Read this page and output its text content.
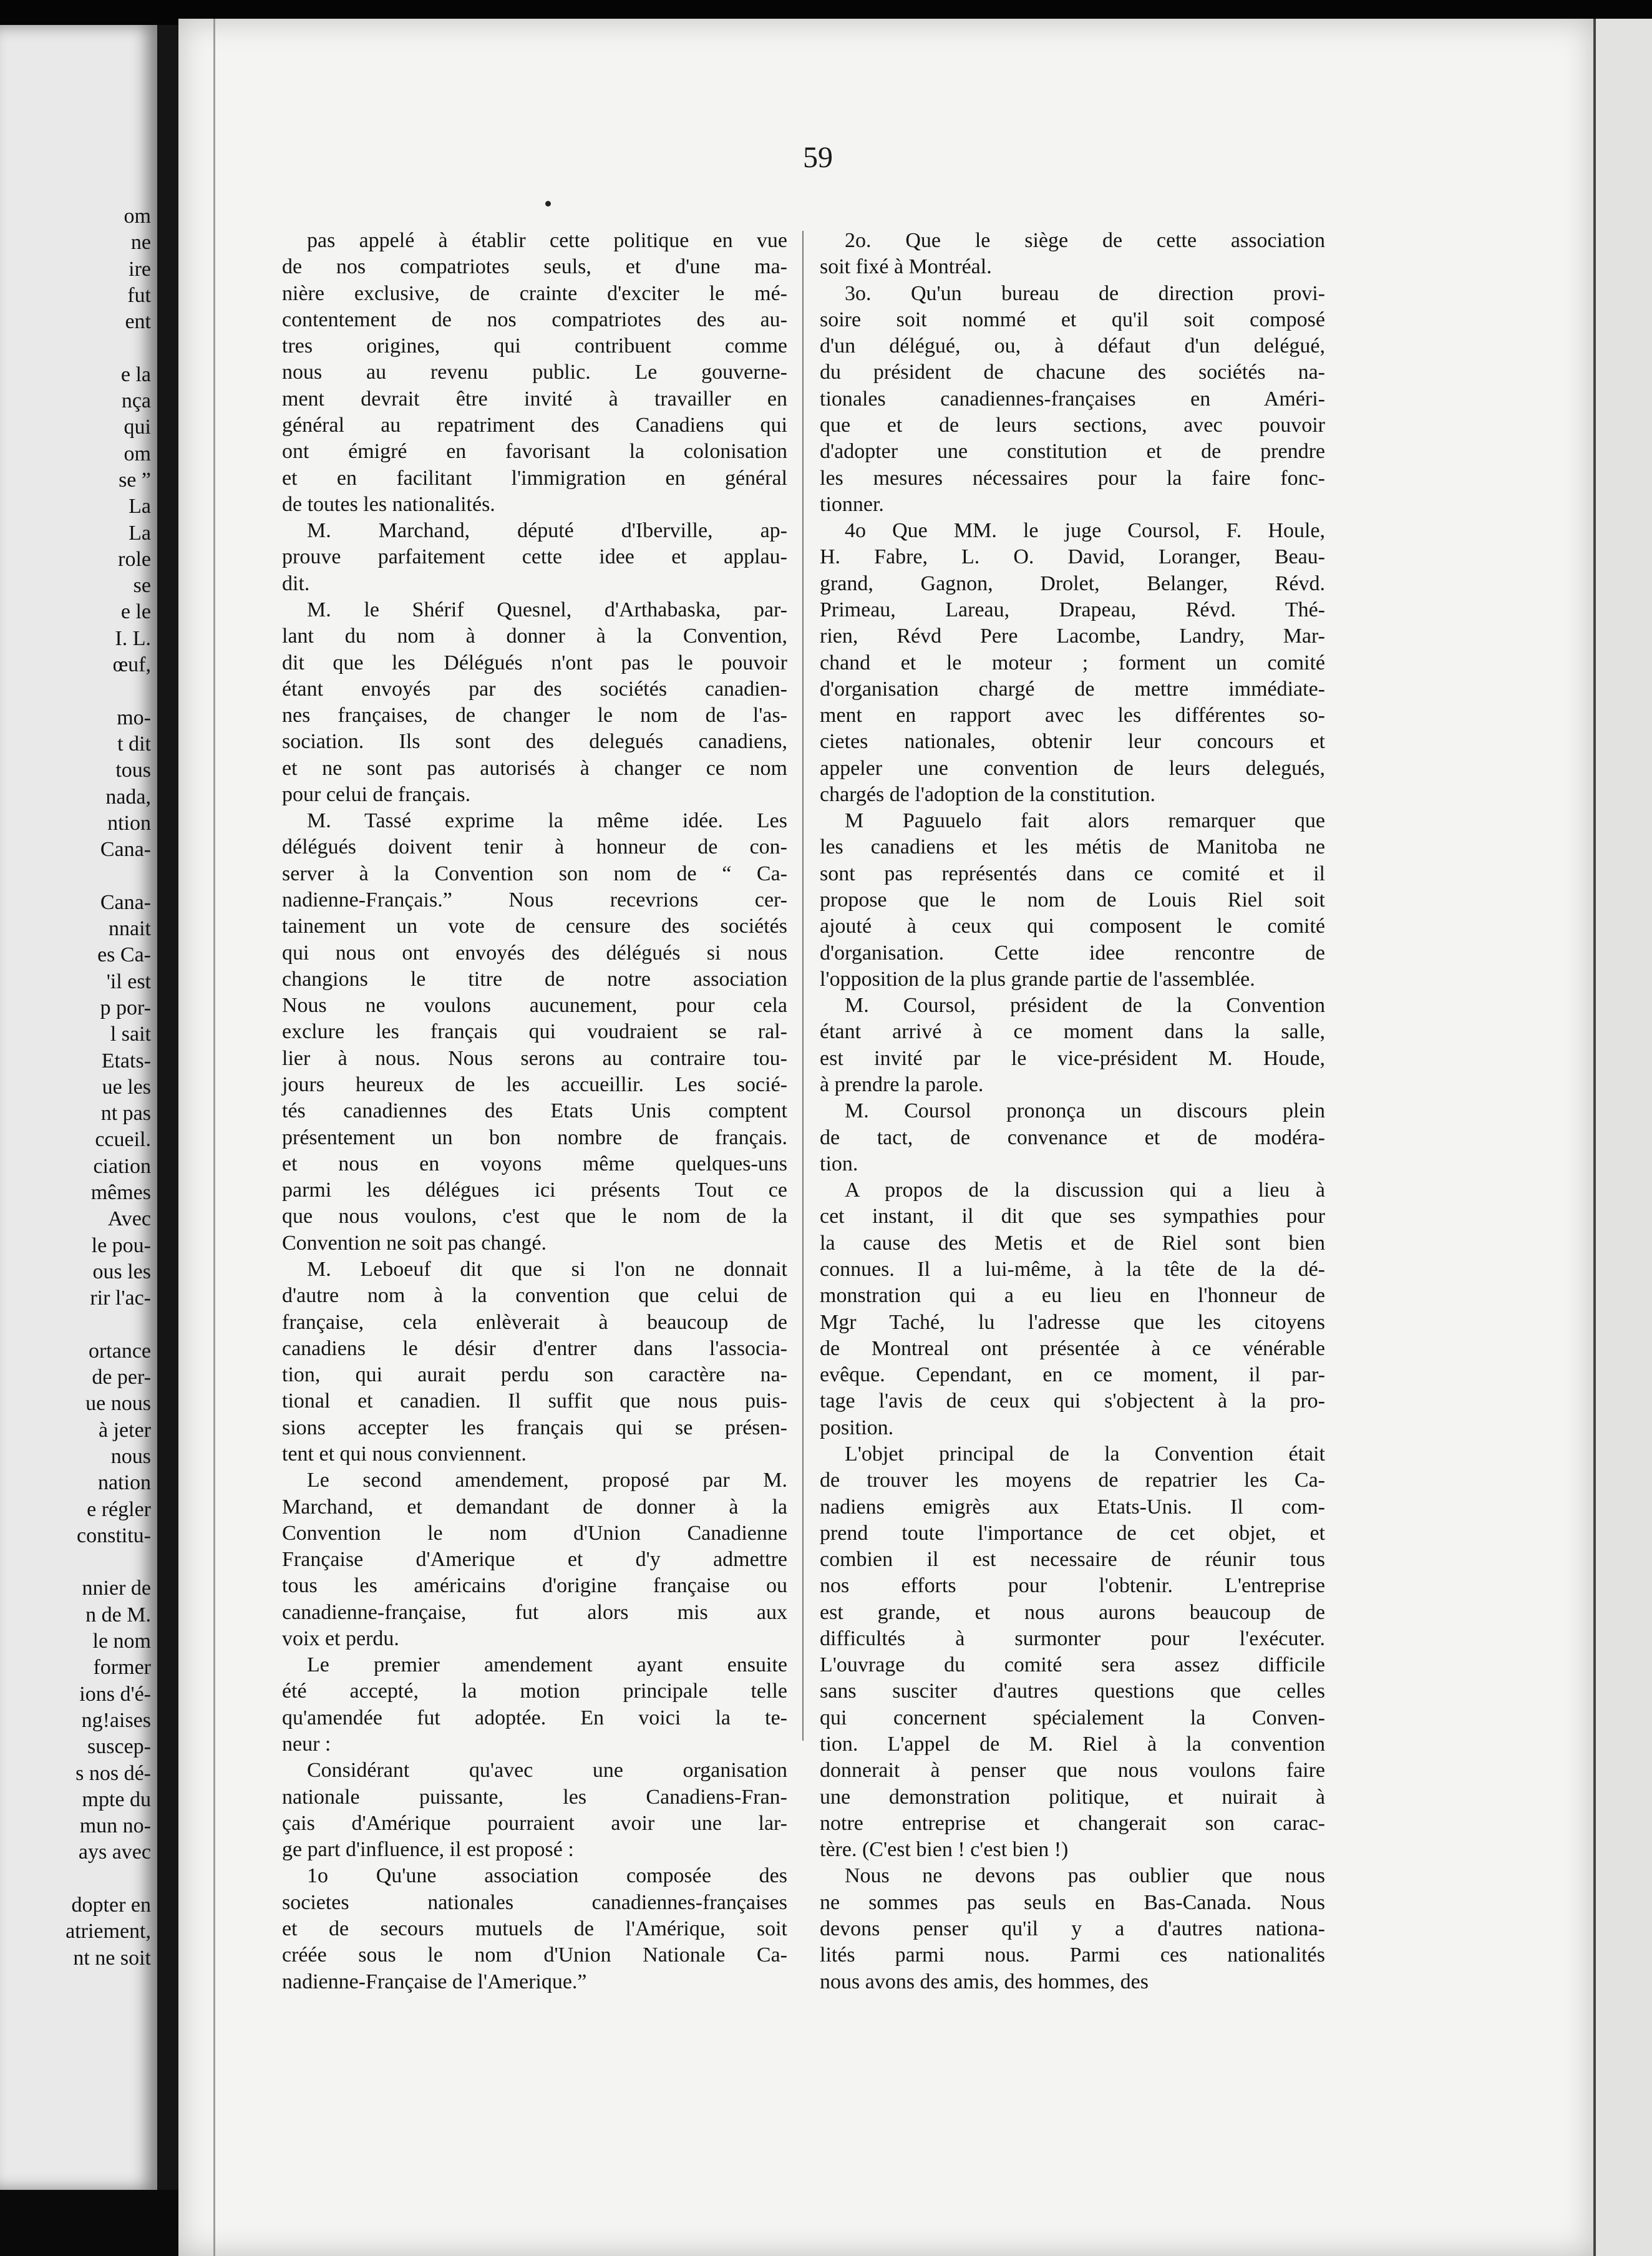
om
ne
ire
fut
ent
e la
nça
qui
om
se ”
La
La
role
se
e le
I. L.
œuf,
mo-
t dit
tous
nada,
ntion
Cana-
Cana-
nnait
es Ca-
'il est
p por-
l sait
Etats-
ue les
nt pas
ccueil.
ciation
mêmes
Avec
le pou-
ous les
rir l'ac-
ortance
de per-
ue nous
à jeter
nous
nation
e régler
constitu-
nnier de
n de M.
le nom
former
ions d'é-
ng!aises
suscep-
s nos dé-
mpte du
mun no-
ays avec
dopter en
atriement,
nt ne soit
59

pas appelé à établir cette politique en vue
de nos compatriotes seuls, et d'une ma-
nière exclusive, de crainte d'exciter le mé-
contentement de nos compatriotes des au-
tres origines, qui contribuent comme
nous au revenu public. Le gouverne-
ment devrait être invité à travailler en
général au repatriment des Canadiens qui
ont émigré en favorisant la colonisation
et en facilitant l'immigration en général
de toutes les nationalités.

M. Marchand, député d'Iberville, ap-
prouve parfaitement cette idee et applau-
dit.

M. le Shérif Quesnel, d'Arthabaska, par-
lant du nom à donner à la Convention,
dit que les Délégués n'ont pas le pouvoir
étant envoyés par des sociétés canadien-
nes françaises, de changer le nom de l'as-
sociation. Ils sont des delegués canadiens,
et ne sont pas autorisés à changer ce nom
pour celui de français.

M. Tassé exprime la même idée. Les
délégués doivent tenir à honneur de con-
server à la Convention son nom de “ Ca-
nadienne-Français.” Nous recevrions cer-
tainement un vote de censure des sociétés
qui nous ont envoyés des délégués si nous
changions le titre de notre association
Nous ne voulons aucunement, pour cela
exclure les français qui voudraient se ral-
lier à nous. Nous serons au contraire tou-
jours heureux de les accueillir. Les socié-
tés canadiennes des Etats Unis comptent
présentement un bon nombre de français.
et nous en voyons même quelques-uns
parmi les délégues ici présents Tout ce
que nous voulons, c'est que le nom de la
Convention ne soit pas changé.

M. Leboeuf dit que si l'on ne donnait
d'autre nom à la convention que celui de
française, cela enlèverait à beaucoup de
canadiens le désir d'entrer dans l'associa-
tion, qui aurait perdu son caractère na-
tional et canadien. Il suffit que nous puis-
sions accepter les français qui se présen-
tent et qui nous conviennent.

Le second amendement, proposé par M.
Marchand, et demandant de donner à la
Convention le nom d'Union Canadienne
Française d'Amerique et d'y admettre
tous les américains d'origine française ou
canadienne-française, fut alors mis aux
voix et perdu.

Le premier amendement ayant ensuite
été accepté, la motion principale telle
qu'amendée fut adoptée. En voici la te-
neur :

Considérant qu'avec une organisation
nationale puissante, les Canadiens-Fran-
çais d'Amérique pourraient avoir une lar-
ge part d'influence, il est proposé :

1o Qu'une association composée des
societes nationales canadiennes-françaises
et de secours mutuels de l'Amérique, soit
créée sous le nom d'Union Nationale Ca-
nadienne-Française de l'Amerique.”

2o. Que le siège de cette association
soit fixé à Montréal.

3o. Qu'un bureau de direction provi-
soire soit nommé et qu'il soit composé
d'un délégué, ou, à défaut d'un delégué,
du président de chacune des sociétés na-
tionales canadiennes-françaises en Améri-
que et de leurs sections, avec pouvoir
d'adopter une constitution et de prendre
les mesures nécessaires pour la faire fonc-
tionner.

4o Que MM. le juge Coursol, F. Houle,
H. Fabre, L. O. David, Loranger, Beau-
grand, Gagnon, Drolet, Belanger, Révd.
Primeau, Lareau, Drapeau, Révd. Thé-
rien, Révd Pere Lacombe, Landry, Mar-
chand et le moteur ; forment un comité
d'organisation chargé de mettre immédiate-
ment en rapport avec les différentes so-
cietes nationales, obtenir leur concours et
appeler une convention de leurs delegués,
chargés de l'adoption de la constitution.

M Paguuelo fait alors remarquer que
les canadiens et les métis de Manitoba ne
sont pas représentés dans ce comité et il
propose que le nom de Louis Riel soit
ajouté à ceux qui composent le comité
d'organisation. Cette idee rencontre de
l'opposition de la plus grande partie de l'assemblée.

M. Coursol, président de la Convention
étant arrivé à ce moment dans la salle,
est invité par le vice-président M. Houde,
à prendre la parole.

M. Coursol prononça un discours plein
de tact, de convenance et de modéra-
tion.

A propos de la discussion qui a lieu à
cet instant, il dit que ses sympathies pour
la cause des Metis et de Riel sont bien
connues. Il a lui-même, à la tête de la dé-
monstration qui a eu lieu en l'honneur de
Mgr Taché, lu l'adresse que les citoyens
de Montreal ont présentée à ce vénérable
evêque. Cependant, en ce moment, il par-
tage l'avis de ceux qui s'objectent à la pro-
position.

L'objet principal de la Convention était
de trouver les moyens de repatrier les Ca-
nadiens emigrès aux Etats-Unis. Il com-
prend toute l'importance de cet objet, et
combien il est necessaire de réunir tous
nos efforts pour l'obtenir. L'entreprise
est grande, et nous aurons beaucoup de
difficultés à surmonter pour l'exécuter.
L'ouvrage du comité sera assez difficile
sans susciter d'autres questions que celles
qui concernent spécialement la Conven-
tion. L'appel de M. Riel à la convention
donnerait à penser que nous voulons faire
une demonstration politique, et nuirait à
notre entreprise et changerait son carac-
tère. (C'est bien ! c'est bien !)

Nous ne devons pas oublier que nous
ne sommes pas seuls en Bas-Canada. Nous
devons penser qu'il y a d'autres nationa-
lités parmi nous. Parmi ces nationalités
nous avons des amis, des hommes, des
